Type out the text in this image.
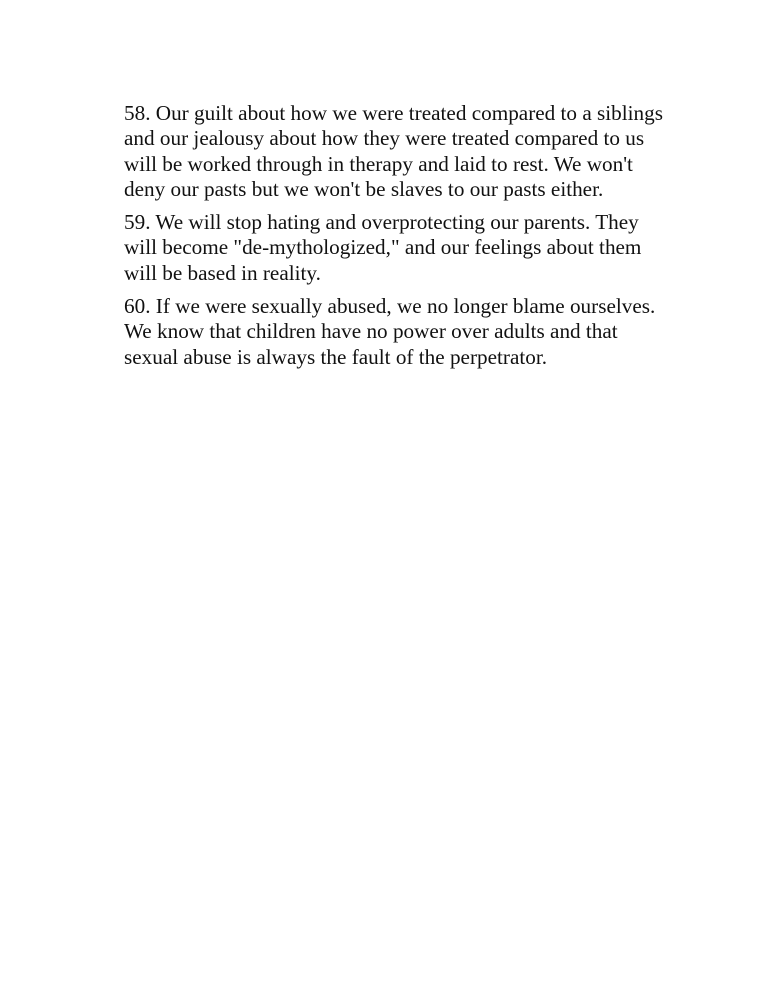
58. Our guilt about how we were treated compared to a siblings
and our jealousy about how they were treated compared to us
will be worked through in therapy and laid to rest. We won't
deny our pasts but we won't be slaves to our pasts either.

59. We will stop hating and overprotecting our parents. They
will become "de-mythologized," and our feelings about them
will be based in reality.

60. If we were sexually abused, we no longer blame ourselves.
We know that children have no power over adults and that
sexual abuse is always the fault of the perpetrator.
